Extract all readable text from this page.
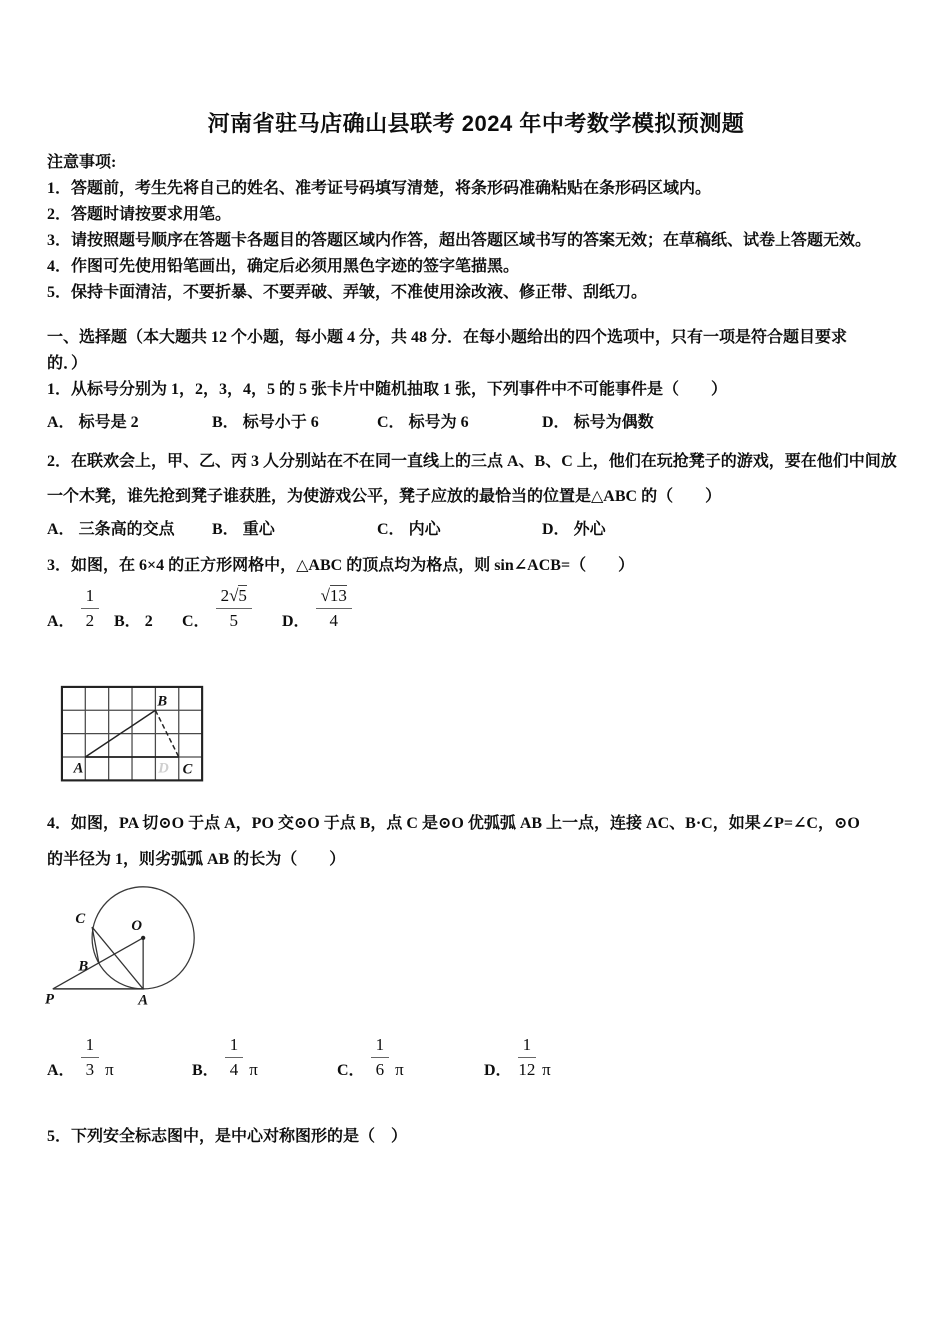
河南省驻马店确山县联考 2024 年中考数学模拟预测题
注意事项:
1．答题前，考生先将自己的姓名、准考证号码填写清楚，将条形码准确粘贴在条形码区域内。
2．答题时请按要求用笔。
3．请按照题号顺序在答题卡各题目的答题区域内作答，超出答题区域书写的答案无效；在草稿纸、试卷上答题无效。
4．作图可先使用铅笔画出，确定后必须用黑色字迹的签字笔描黑。
5．保持卡面清洁，不要折暴、不要弄破、弄皱，不准使用涂改液、修正带、刮纸刀。
一、选择题（本大题共 12 个小题，每小题 4 分，共 48 分．在每小题给出的四个选项中，只有一项是符合题目要求
的．）
1．从标号分别为 1，2，3，4，5 的 5 张卡片中随机抽取 1 张，下列事件中不可能事件是（　　）
A． 标号是 2	B． 标号小于 6	C． 标号为 6	D． 标号为偶数
2．在联欢会上，甲、乙、丙 3 人分别站在不在同一直线上的三点 A、B、C 上，他们在玩抢凳子的游戏，要在他们中间放
一个木凳，谁先抢到凳子谁获胜，为使游戏公平，凳子应放的最恰当的位置是△ABC 的（　　）
A． 三条高的交点	B． 重心	C． 内心	D． 外心
3．如图，在 6×4 的正方形网格中，△ABC 的顶点均为格点，则 sin∠ACB=（　　）
A． $\frac{1}{2}$ B． 2	C． $\frac{2 √ 5}{5}$ D． √ $\frac{13}{4}$
A
B
C
D
4．如图，PA 切⊙O 于点 A，PO 交⊙O 于点 B，点 C 是⊙O 优弧弧 AB 上一点，连接 AC、B·C，如果∠P=∠C，⊙O
的半径为 1，则劣弧弧 AB 的长为（　　）
P	A
B
C	O
A． $\frac{1}{3}$ π	B． $\frac{1}{4}$ π	C． $\frac{1}{6}$ π	D． $\frac{1}{12}$ π
5．下列安全标志图中，是中心对称图形的是（　）
